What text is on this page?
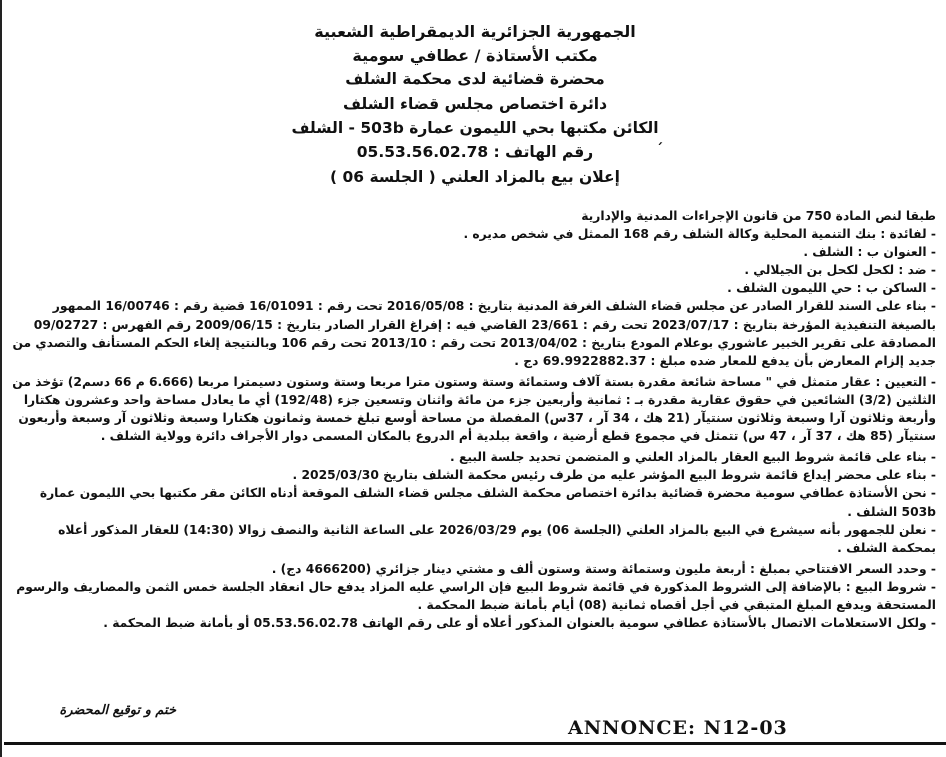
الجمهورية الجزائرية الديمقراطية الشعبية
مكتب الأستاذة / عطافي سومية
محضرة قضائية لدى محكمة الشلف
دائرة اختصاص مجلس قضاء الشلف
الكائن مكتبها بحي الليمون عمارة 503b - الشلف
ˊ
رقم الهاتف : 05.53.56.02.78
إعلان بيع بالمزاد العلني ( الجلسة 06 )

طبقا لنص المادة 750 من قانون الإجراءات المدنية والإدارية

- لفائدة : بنك التنمية المحلية وكالة الشلف رقم 168 الممثل في شخص مديره .

- العنوان ب : الشلف .

- ضد : لكحل لكحل بن الجيلالي .

- الساكن ب : حي الليمون الشلف .

- بناء على السند للقرار الصادر عن مجلس قضاء الشلف الغرفة المدنية بتاريخ : 2016/05/08 تحت رقم : 16/01091 قضية رقم : 16/00746 الممهور بالصيغة التنفيذية المؤرخة بتاريخ : 2023/07/17 تحت رقم : 23/661 القاضي فيه : إفراغ القرار الصادر بتاريخ : 2009/06/15 رقم الفهرس : 09/02727 المصادقة على تقرير الخبير عاشوري بوعلام المودع بتاريخ : 2013/04/02 تحت رقم : 2013/10 تحت رقم 106 وبالنتيجة إلغاء الحكم المستأنف والتصدي من جديد إلزام المعارض بأن يدفع للمعار ضده مبلغ : 69.9922882.37 دج .

- التعيين : عقار متمثل في " مساحة شائعة مقدرة بستة آلاف وستمائة وستة وستون مترا مربعا وستة وستون دسيمترا مربعا (6.666 م 66 دسم2) تؤخذ من الثلثين (3/2) الشائعين في حقوق عقارية مقدرة بـ : ثمانية وأربعين جزء من مائة واثنان وتسعين جزء (192/48) أي ما يعادل مساحة واحد وعشرون هكتارا وأربعة وثلاثون آرا وسبعة وثلاثون سنتيآر (21 هك ، 34 آر ، 37س) المفصلة من مساحة أوسع تبلغ خمسة وثمانون هكتارا وسبعة وثلاثون آر وسبعة وأربعون سنتيآر (85 هك ، 37 آر ، 47 س) تتمثل في مجموع قطع أرضية ، واقعة ببلدية أم الدروع بالمكان المسمى دوار الأجراف دائرة وولاية الشلف .

- بناء على قائمة شروط البيع العقار بالمزاد العلني و المتضمن تحديد جلسة البيع .

- بناء على محضر إيداع قائمة شروط البيع المؤشر عليه من طرف رئيس محكمة الشلف بتاريخ 2025/03/30 .

- نحن الأستاذة عطافي سومية محضرة قضائية بدائرة اختصاص محكمة الشلف مجلس قضاء الشلف الموقعة أدناه الكائن مقر مكتبها بحي الليمون عمارة 503b الشلف .

- نعلن للجمهور بأنه سيشرع في البيع بالمزاد العلني (الجلسة 06) يوم 2026/03/29 على الساعة الثانية والنصف زوالا (14:30) للعقار المذكور أعلاه بمحكمة الشلف .

- وحدد السعر الافتتاحي بمبلغ : أربعة مليون وستمائة وستة وستون ألف و مشتي دينار جزائري (4666200 دج) .

- شروط البيع : بالإضافة إلى الشروط المذكورة في قائمة شروط البيع فإن الراسي عليه المزاد يدفع حال انعقاد الجلسة خمس الثمن والمصاريف والرسوم المستحقة ويدفع المبلغ المتبقي في أجل أقصاه ثمانية (08) أيام بأمانة ضبط المحكمة .

- ولكل الاستعلامات الاتصال بالأستاذة عطافي سومية بالعنوان المذكور أعلاه أو على رقم الهاتف 05.53.56.02.78 أو بأمانة ضبط المحكمة .

ختم و توقيع المحضرة
ANNONCE: N12-03
